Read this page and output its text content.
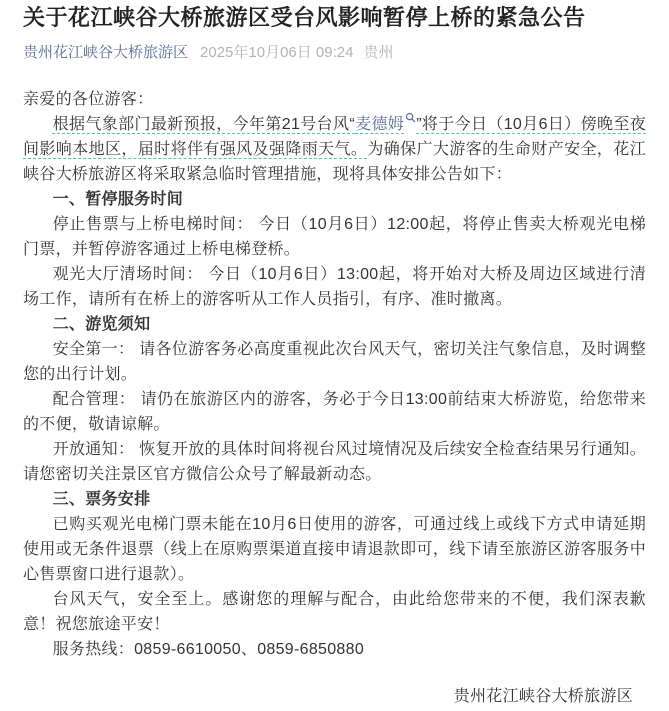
关于花江峡谷大桥旅游区受台风影响暂停上桥的紧急公告
贵州花江峡谷大桥旅游区 2025年10月06日 09:24 贵州

亲爱的各位游客：

根据气象部门最新预报，今年第21号台风“麦德姆 ”将于今日（10月6日）傍晚至夜间影响本地区，届时将伴有强风及强降雨天气。为确保广大游客的生命财产安全，花江峡谷大桥旅游区将采取紧急临时管理措施，现将具体安排公告如下：

一、暂停服务时间

停止售票与上桥电梯时间： 今日（10月6日）12:00起，将停止售卖大桥观光电梯门票，并暂停游客通过上桥电梯登桥。

观光大厅清场时间： 今日（10月6日）13:00起，将开始对大桥及周边区域进行清场工作，请所有在桥上的游客听从工作人员指引，有序、准时撤离。

二、游览须知

安全第一： 请各位游客务必高度重视此次台风天气，密切关注气象信息，及时调整您的出行计划。

配合管理： 请仍在旅游区内的游客，务必于今日13:00前结束大桥游览，给您带来的不便，敬请谅解。

开放通知： 恢复开放的具体时间将视台风过境情况及后续安全检查结果另行通知。请您密切关注景区官方微信公众号了解最新动态。

三、票务安排

已购买观光电梯门票未能在10月6日使用的游客，可通过线上或线下方式申请延期使用或无条件退票（线上在原购票渠道直接申请退款即可，线下请至旅游区游客服务中心售票窗口进行退款）。

台风天气，安全至上。感谢您的理解与配合，由此给您带来的不便，我们深表歉意！祝您旅途平安！

服务热线：0859-6610050、0859-6850880

贵州花江峡谷大桥旅游区
